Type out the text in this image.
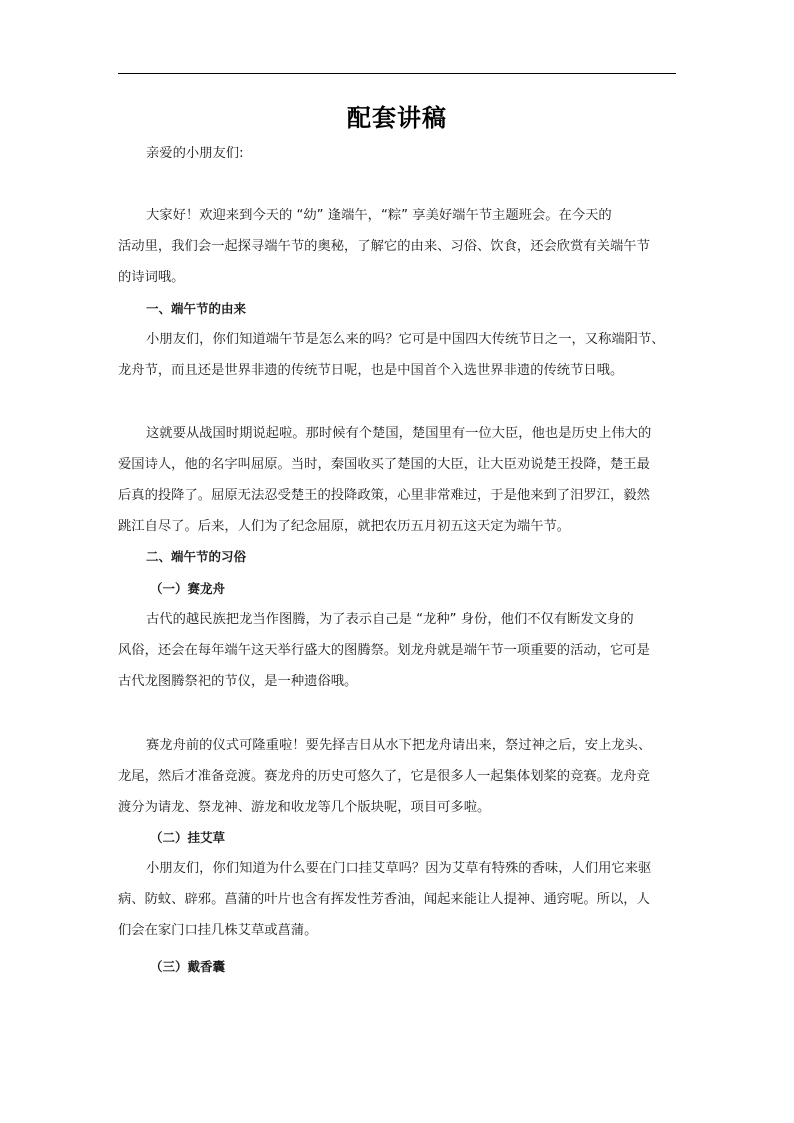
配套讲稿
亲爱的小朋友们:
大家好！欢迎来到今天的 “幼” 逢端午，“粽” 享美好端午节主题班会。在今天的
活动里，我们会一起探寻端午节的奥秘，了解它的由来、习俗、饮食，还会欣赏有关端午节
的诗词哦。
一、端午节的由来
小朋友们，你们知道端午节是怎么来的吗？它可是中国四大传统节日之一，又称端阳节、
龙舟节，而且还是世界非遗的传统节日呢，也是中国首个入选世界非遗的传统节日哦。
这就要从战国时期说起啦。那时候有个楚国，楚国里有一位大臣，他也是历史上伟大的
爱国诗人，他的名字叫屈原。当时，秦国收买了楚国的大臣，让大臣劝说楚王投降，楚王最
后真的投降了。屈原无法忍受楚王的投降政策，心里非常难过，于是他来到了汨罗江，毅然
跳江自尽了。后来，人们为了纪念屈原，就把农历五月初五这天定为端午节。
二、端午节的习俗
（一）赛龙舟
古代的越民族把龙当作图腾，为了表示自己是 “龙种” 身份，他们不仅有断发文身的
风俗，还会在每年端午这天举行盛大的图腾祭。划龙舟就是端午节一项重要的活动，它可是
古代龙图腾祭祀的节仪，是一种遗俗哦。
赛龙舟前的仪式可隆重啦！要先择吉日从水下把龙舟请出来，祭过神之后，安上龙头、
龙尾，然后才准备竞渡。赛龙舟的历史可悠久了，它是很多人一起集体划桨的竞赛。龙舟竞
渡分为请龙、祭龙神、游龙和收龙等几个版块呢，项目可多啦。
（二）挂艾草
小朋友们，你们知道为什么要在门口挂艾草吗？因为艾草有特殊的香味，人们用它来驱
病、防蚊、辟邪。菖蒲的叶片也含有挥发性芳香油，闻起来能让人提神、通窍呢。所以，人
们会在家门口挂几株艾草或菖蒲。
（三）戴香囊
